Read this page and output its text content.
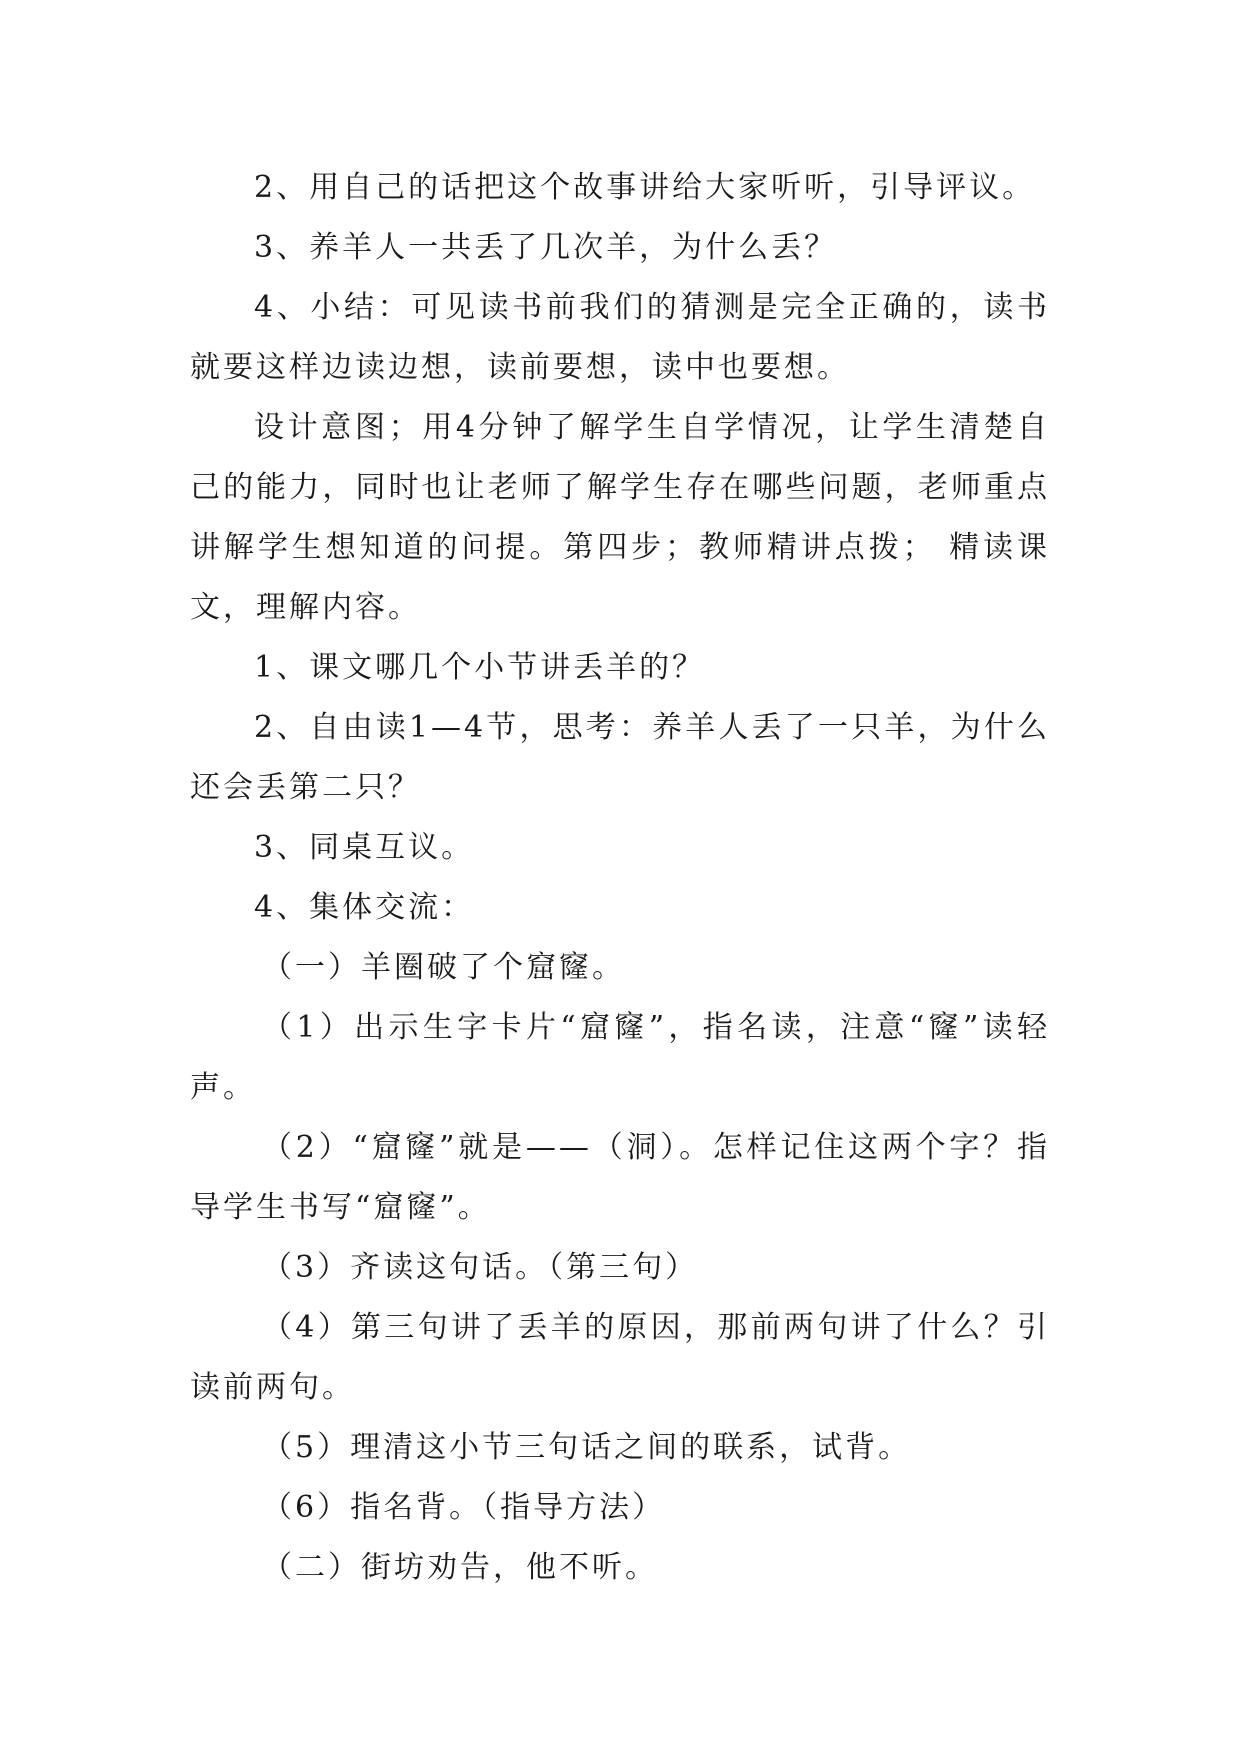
2、用自己的话把这个故事讲给大家听听，引导评议。

3、养羊人一共丢了几次羊，为什么丢？

4、小结：可见读书前我们的猜测是完全正确的，读书就要这样边读边想，读前要想，读中也要想。

设计意图；用4分钟了解学生自学情况，让学生清楚自己的能力，同时也让老师了解学生存在哪些问题，老师重点讲解学生想知道的问提。第四步；教师精讲点拨； 精读课文，理解内容。

1、课文哪几个小节讲丢羊的？

2、自由读1—4节，思考：养羊人丢了一只羊，为什么还会丢第二只？

3、同桌互议。

4、集体交流：

（一）羊圈破了个窟窿。

（1）出示生字卡片“窟窿”，指名读，注意“窿”读轻声。

（2）“窟窿”就是——（洞）。怎样记住这两个字？指导学生书写“窟窿”。

（3）齐读这句话。（第三句）

（4）第三句讲了丢羊的原因，那前两句讲了什么？引读前两句。

（5）理清这小节三句话之间的联系，试背。

（6）指名背。（指导方法）

（二）街坊劝告，他不听。
